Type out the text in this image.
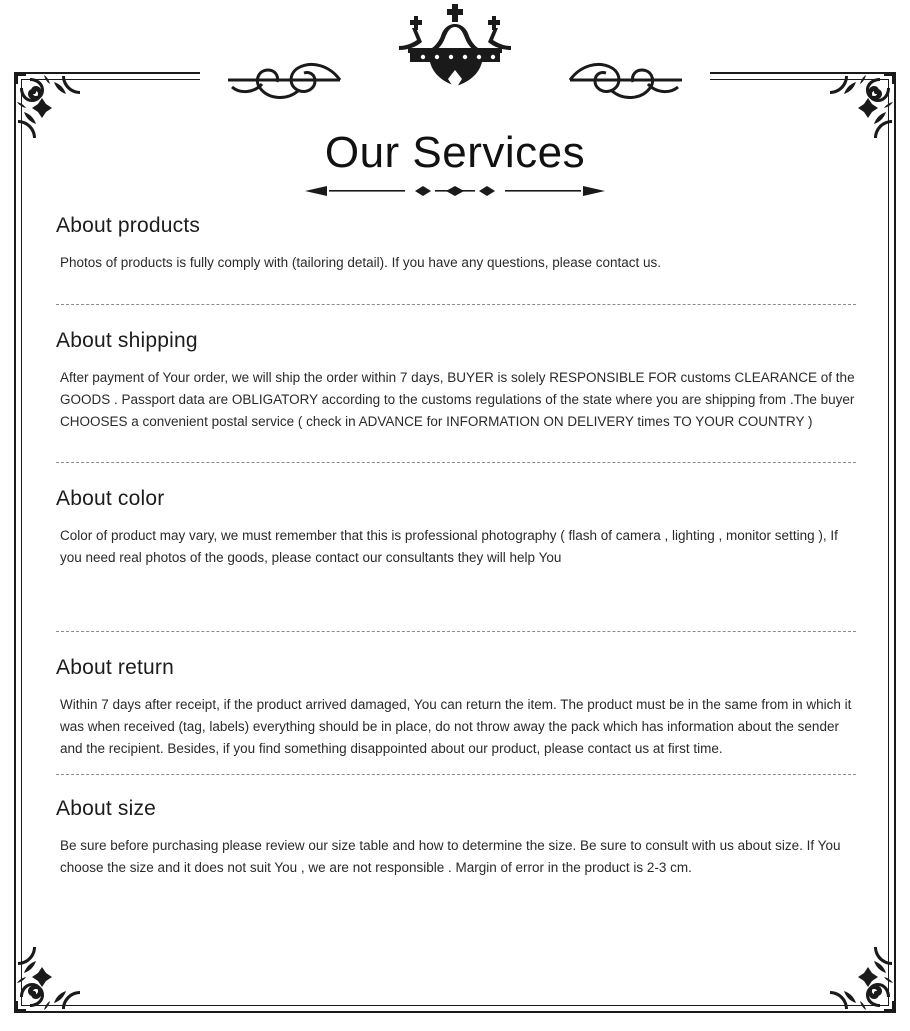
Our Services
About products

Photos of products is fully comply with (tailoring detail). If you have any questions, please contact us.

About shipping

After payment of Your order, we will ship the order within 7 days, BUYER is solely RESPONSIBLE FOR customs CLEARANCE of the GOODS . Passport data are OBLIGATORY according to the customs regulations of the state where you are shipping from .The buyer CHOOSES a convenient postal service ( check in ADVANCE for INFORMATION ON DELIVERY times TO YOUR COUNTRY )

About color

Color of product may vary, we must remember that this is professional photography ( flash of camera , lighting , monitor setting ), If you need real photos of the goods, please contact our consultants they will help You

About return

Within 7 days after receipt, if the product arrived damaged, You can return the item. The product must be in the same from in which it was when received (tag, labels) everything should be in place, do not throw away the pack which has information about the sender and the recipient. Besides, if you find something disappointed about our product, please contact us at first time.

About size

Be sure before purchasing please review our size table and how to determine the size. Be sure to consult with us about size. If You choose the size and it does not suit You , we are not responsible . Margin of error in the product is 2-3 cm.
